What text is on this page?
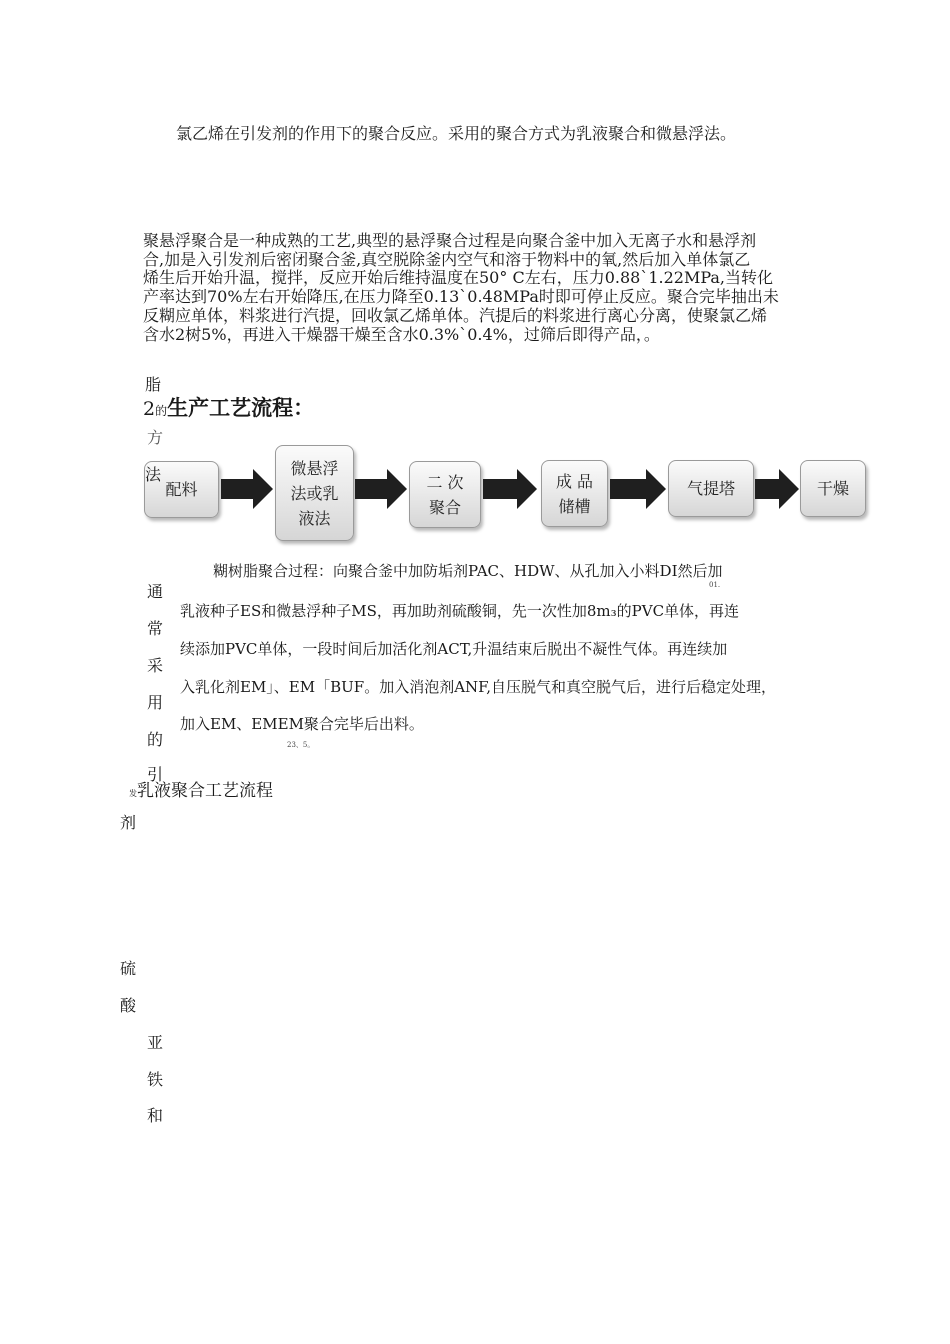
氯乙烯在引发剂的作用下的聚合反应。采用的聚合方式为乳液聚合和微悬浮法。
聚悬浮聚合是一种成熟的工艺,典型的悬浮聚合过程是向聚合釜中加入无离子水和悬浮剂
合,加是入引发剂后密闭聚合釜,真空脱除釜内空气和溶于物料中的氧,然后加入单体氯乙
烯生后开始升温，搅拌，反应开始后维持温度在50° C左右，压力0.88`1.22MPa,当转化
产率达到70%左右开始降压,在压力降至0.13`0.48MPa时即可停止反应。聚合完毕抽出未
反糊应单体，料浆进行汽提，回收氯乙烯单体。汽提后的料浆进行离心分离，使聚氯乙烯
含水2树5%，再进入干燥器干燥至含水0.3%`0.4%，过筛后即得产品，。
脂
方
2的生产工艺流程：
配料
法	微悬浮
法或乳
液法
二 次
聚合
成 品
储槽
气提塔	干燥
糊树脂聚合过程：向聚合釜中加防垢剂PAC、HDW、从孔加入小料DI然后加
01.
乳液种子ES和微悬浮种子MS，再加助剂硫酸铜，先一次性加8m₃的PVC单体，再连
续添加PVC单体，一段时间后加活化剂ACT,升温结束后脱出不凝性气体。再连续加
入乳化剂EM」、EM「BUF。加入消泡剂ANF,自压脱气和真空脱气后，进行后稳定处理，
加入EM、EMEM聚合完毕后出料。
23、5。
通
常
采
用
的
引
发乳液聚合工艺流程
剂
硫
酸
亚
铁
和
